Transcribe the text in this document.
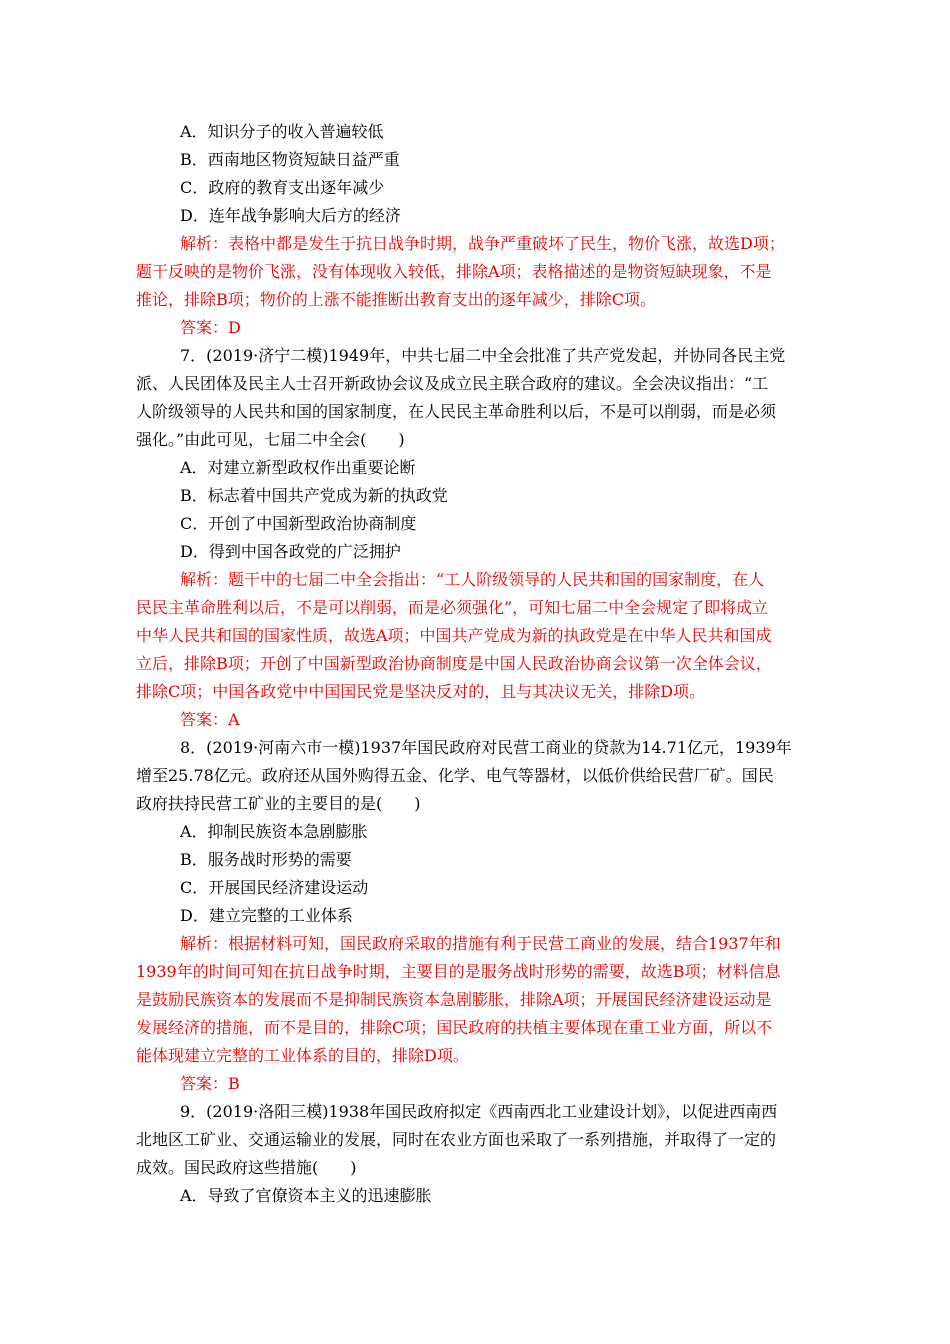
A．知识分子的收入普遍较低
B．西南地区物资短缺日益严重
C．政府的教育支出逐年减少
D．连年战争影响大后方的经济
解析：表格中都是发生于抗日战争时期，战争严重破坏了民生，物价飞涨，故选D项；
题干反映的是物价飞涨，没有体现收入较低，排除A项；表格描述的是物资短缺现象，不是
推论，排除B项；物价的上涨不能推断出教育支出的逐年减少，排除C项。
答案：D
7．(2019·济宁二模)1949年，中共七届二中全会批准了共产党发起，并协同各民主党
派、人民团体及民主人士召开新政协会议及成立民主联合政府的建议。全会决议指出：“工
人阶级领导的人民共和国的国家制度，在人民民主革命胜利以后，不是可以削弱，而是必须
强化。”由此可见，七届二中全会(　　)
A．对建立新型政权作出重要论断
B．标志着中国共产党成为新的执政党
C．开创了中国新型政治协商制度
D．得到中国各政党的广泛拥护
解析：题干中的七届二中全会指出：“工人阶级领导的人民共和国的国家制度，在人
民民主革命胜利以后，不是可以削弱，而是必须强化”，可知七届二中全会规定了即将成立
中华人民共和国的国家性质，故选A项；中国共产党成为新的执政党是在中华人民共和国成
立后，排除B项；开创了中国新型政治协商制度是中国人民政治协商会议第一次全体会议，
排除C项；中国各政党中中国国民党是坚决反对的，且与其决议无关，排除D项。
答案：A
8．(2019·河南六市一模)1937年国民政府对民营工商业的贷款为14.71亿元，1939年
增至25.78亿元。政府还从国外购得五金、化学、电气等器材，以低价供给民营厂矿。国民
政府扶持民营工矿业的主要目的是(　　)
A．抑制民族资本急剧膨胀
B．服务战时形势的需要
C．开展国民经济建设运动
D．建立完整的工业体系
解析：根据材料可知，国民政府采取的措施有利于民营工商业的发展，结合1937年和
1939年的时间可知在抗日战争时期，主要目的是服务战时形势的需要，故选B项；材料信息
是鼓励民族资本的发展而不是抑制民族资本急剧膨胀，排除A项；开展国民经济建设运动是
发展经济的措施，而不是目的，排除C项；国民政府的扶植主要体现在重工业方面，所以不
能体现建立完整的工业体系的目的，排除D项。
答案：B
9．(2019·洛阳三模)1938年国民政府拟定《西南西北工业建设计划》，以促进西南西
北地区工矿业、交通运输业的发展，同时在农业方面也采取了一系列措施，并取得了一定的
成效。国民政府这些措施(　　)
A．导致了官僚资本主义的迅速膨胀
